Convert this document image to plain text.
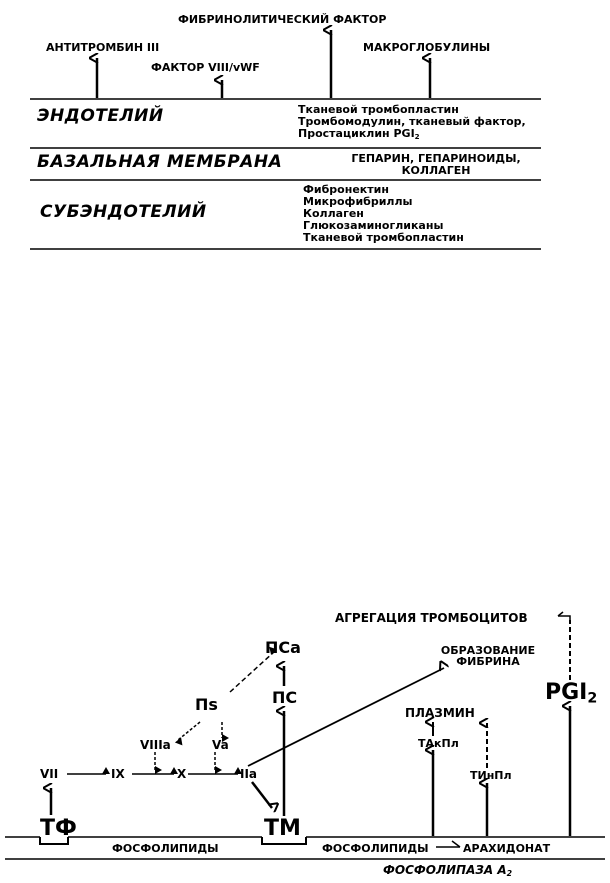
ФИБРИНОЛИТИЧЕСКИЙ ФАКТОР
АНТИТРОМБИН III
ФАКТОР VIII/vWF
МАКРОГЛОБУЛИНЫ
ЭНДОТЕЛИЙ	Тканевой тромбопластин
Тромбомодулин, тканевый фактор,
Простациклин $PGI_2$
БАЗАЛЬНАЯ МЕМБРАНА	ГЕПАРИН, ГЕПАРИНОИДЫ,
КОЛЛАГЕН
СУБЭНДОТЕЛИЙ
Фибронектин
Микрофибриллы
Коллаген
Глюкозаминогликаны
Тканевой тромбопластин
АГРЕГАЦИЯ ТРОМБОЦИТОВ
ОБРАЗОВАНИЕ
ФИБРИНА
ПСа
Пs	ПС
ПЛАЗМИН
$PGI_2$
VIIIa	Va	ТАкПл
ТИнПл
VII	IX	X	IIa
ТФ	ТМ
ФОСФОЛИПИДЫ	ФОСФОЛИПИДЫ	АРАХИДОНАТ
ФОСФОЛИПАЗА $А_2$
